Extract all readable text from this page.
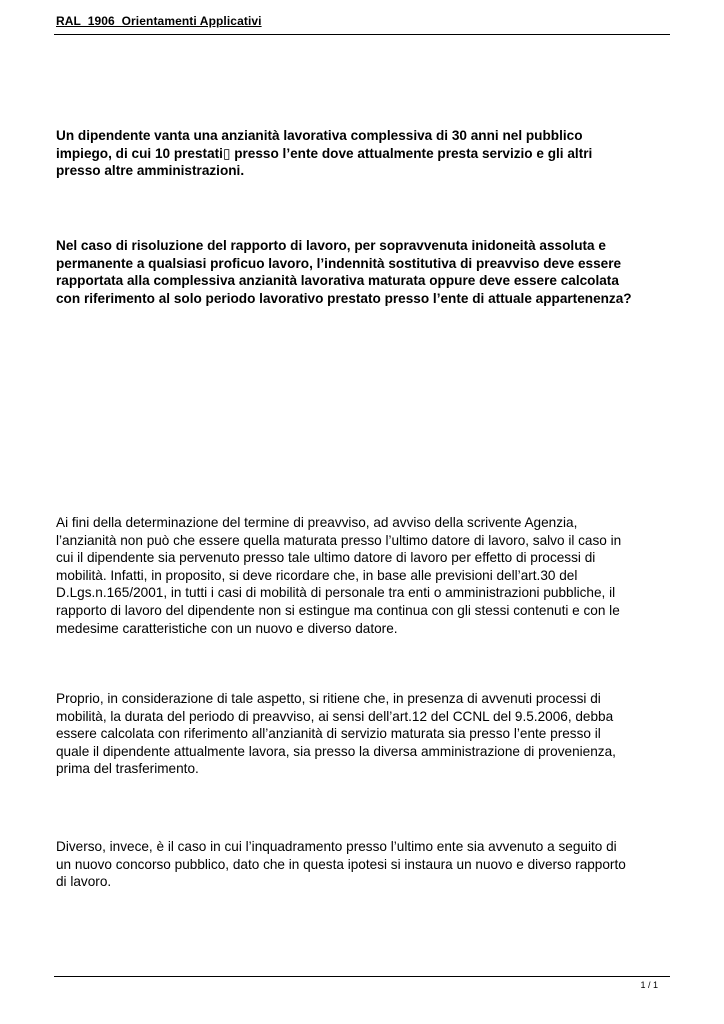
RAL_1906_Orientamenti Applicativi

Un dipendente vanta una anzianità lavorativa complessiva di 30 anni nel pubblico
impiego, di cui 10 prestati▯ presso l’ente dove attualmente presta servizio e gli altri
presso altre amministrazioni.

Nel caso di risoluzione del rapporto di lavoro, per sopravvenuta inidoneità assoluta e
permanente a qualsiasi proficuo lavoro, l’indennità sostitutiva di preavviso deve essere
rapportata alla complessiva anzianità lavorativa maturata oppure deve essere calcolata
con riferimento al solo periodo lavorativo prestato presso l’ente di attuale appartenenza?

Ai fini della determinazione del termine di preavviso, ad avviso della scrivente Agenzia,
l’anzianità non può che essere quella maturata presso l’ultimo datore di lavoro, salvo il caso in
cui il dipendente sia pervenuto presso tale ultimo datore di lavoro per effetto di processi di
mobilità. Infatti, in proposito, si deve ricordare che, in base alle previsioni dell’art.30 del
D.Lgs.n.165/2001, in tutti i casi di mobilità di personale tra enti o amministrazioni pubbliche, il
rapporto di lavoro del dipendente non si estingue ma continua con gli stessi contenuti e con le
medesime caratteristiche con un nuovo e diverso datore.

Proprio, in considerazione di tale aspetto, si ritiene che, in presenza di avvenuti processi di
mobilità, la durata del periodo di preavviso, ai sensi dell’art.12 del CCNL del 9.5.2006, debba
essere calcolata con riferimento all’anzianità di servizio maturata sia presso l’ente presso il
quale il dipendente attualmente lavora, sia presso la diversa amministrazione di provenienza,
prima del trasferimento.

Diverso, invece, è il caso in cui l’inquadramento presso l’ultimo ente sia avvenuto a seguito di
un nuovo concorso pubblico, dato che in questa ipotesi si instaura un nuovo e diverso rapporto
di lavoro.

1 / 1
